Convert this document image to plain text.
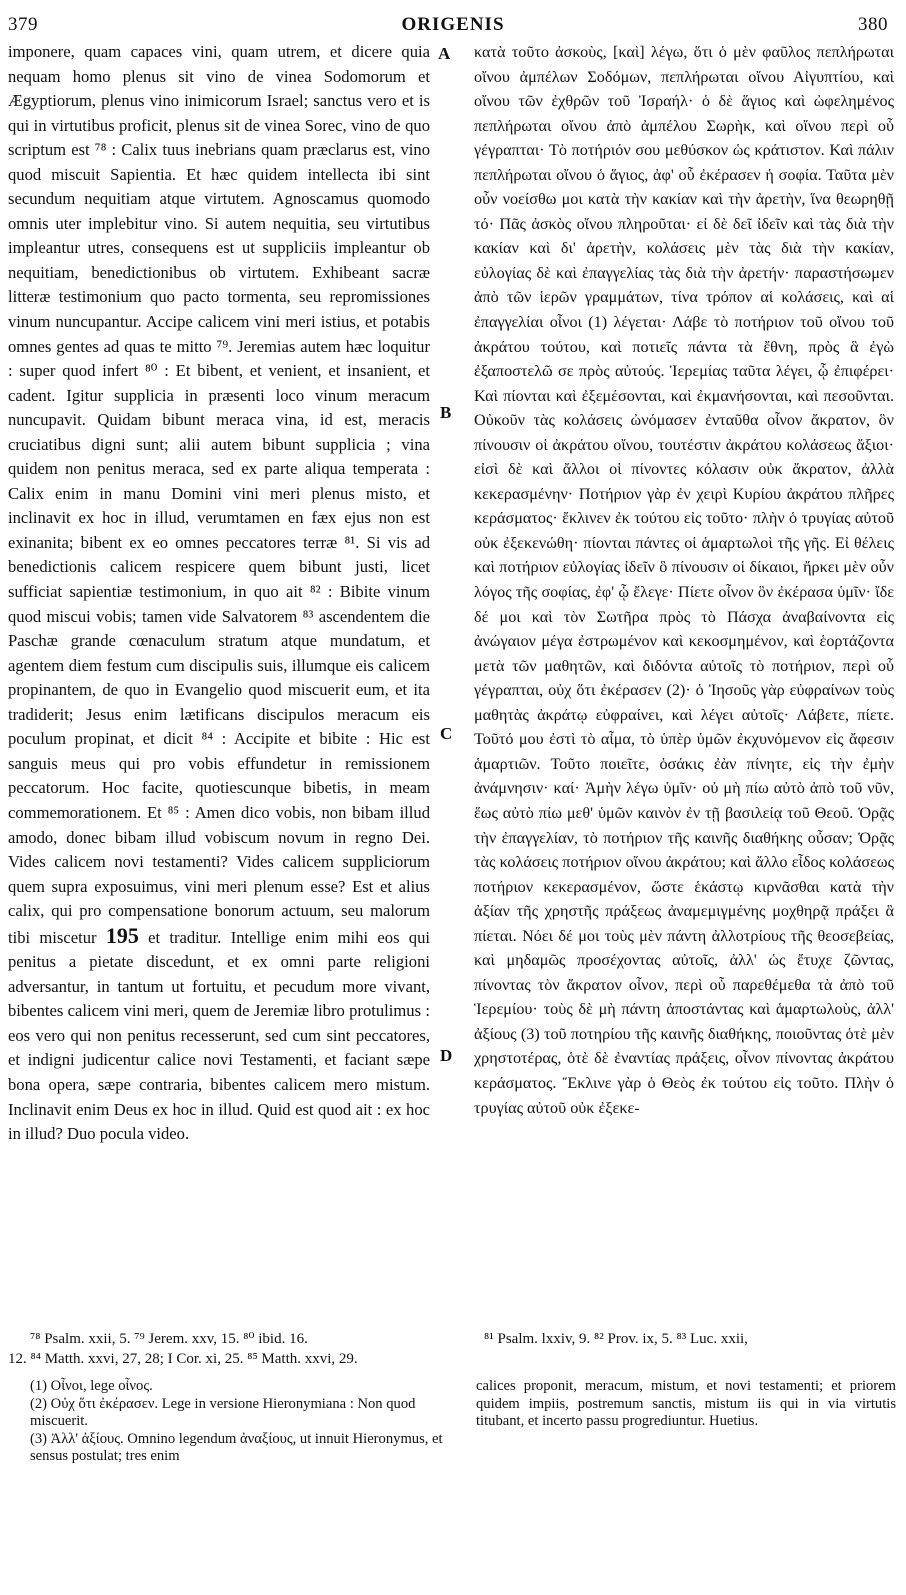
379	ORIGENIS	380

imponere, quam capaces vini, quam utrem, et dicere quia nequam homo plenus sit vino de vinea Sodomorum et Ægyptiorum, plenus vino inimicorum Israel; sanctus vero et is qui in virtutibus proficit, plenus sit de vinea Sorec, vino de quo scriptum est ⁷⁸ : Calix tuus inebrians quam præclarus est, vino quod miscuit Sapientia. Et hæc quidem intellecta ibi sint secundum nequitiam atque virtutem. Agnoscamus quomodo omnis uter implebitur vino. Si autem nequitia, seu virtutibus impleantur utres, consequens est ut suppliciis impleantur ob nequitiam, benedictionibus ob virtutem. Exhibeant sacræ litteræ testimonium quo pacto tormenta, seu repromissiones vinum nuncupantur. Accipe calicem vini meri istius, et potabis omnes gentes ad quas te mitto ⁷⁹. Jeremias autem hæc loquitur : super quod infert ⁸⁰ : Et bibent, et venient, et insanient, et cadent. Igitur supplicia in præsenti loco vinum meracum nuncupavit. Quidam bibunt meraca vina, id est, meracis cruciatibus digni sunt; alii autem bibunt supplicia ; vina quidem non penitus meraca, sed ex parte aliqua temperata : Calix enim in manu Domini vini meri plenus misto, et inclinavit ex hoc in illud, verumtamen en fæx ejus non est exinanita; bibent ex eo omnes peccatores terræ ⁸¹. Si vis ad benedictionis calicem respicere quem bibunt justi, licet sufficiat sapientiæ testimonium, in quo ait ⁸² : Bibite vinum quod miscui vobis; tamen vide Salvatorem ⁸³ ascendentem die Paschæ grande cœnaculum stratum atque mundatum, et agentem diem festum cum discipulis suis, illumque eis calicem propinantem, de quo in Evangelio quod miscuerit eum, et ita tradiderit; Jesus enim lætificans discipulos meracum eis poculum propinat, et dicit ⁸⁴ : Accipite et bibite : Hic est sanguis meus qui pro vobis effundetur in remissionem peccatorum. Hoc facite, quotiescunque bibetis, in meam commemorationem. Et ⁸⁵ : Amen dico vobis, non bibam illud amodo, donec bibam illud vobiscum novum in regno Dei. Vides calicem novi testamenti? Vides calicem suppliciorum quem supra exposuimus, vini meri plenum esse? Est et alius calix, qui pro compensatione bonorum actuum, seu malorum tibi miscetur 195 et traditur. Intellige enim mihi eos qui penitus a pietate discedunt, et ex omni parte religioni adversantur, in tantum ut fortuitu, et pecudum more vivant, bibentes calicem vini meri, quem de Jeremiæ libro protulimus : eos vero qui non penitus recesserunt, sed cum sint peccatores, et indigni judicentur calice novi Testamenti, et faciant sæpe bona opera, sæpe contraria, bibentes calicem mero mistum. Inclinavit enim Deus ex hoc in illud. Quid est quod ait : ex hoc in illud? Duo pocula video.

A
B
C
D

κατὰ τοῦτο ἀσκοὺς, [καὶ] λέγω, ὅτι ὁ μὲν φαῦλος πεπλήρωται οἴνου ἀμπέλων Σοδόμων, πεπλήρωται οἴνου Αἰγυπτίου, καὶ οἴνου τῶν ἐχθρῶν τοῦ Ἰσραήλ· ὁ δὲ ἅγιος καὶ ὠφελημένος πεπλήρωται οἴνου ἀπὸ ἀμπέλου Σωρὴκ, καὶ οἴνου περὶ οὗ γέγραπται· Τὸ ποτήριόν σου μεθύσκον ὡς κράτιστον. Καὶ πάλιν πεπλήρωται οἴνου ὁ ἅγιος, ἀφ' οὗ ἐκέρασεν ἡ σοφία. Ταῦτα μὲν οὖν νοείσθω μοι κατὰ τὴν κακίαν καὶ τὴν ἀρετὴν, ἵνα θεωρηθῇ τό· Πᾶς ἀσκὸς οἴνου πληροῦται· εἰ δὲ δεῖ ἰδεῖν καὶ τὰς διὰ τὴν κακίαν καὶ δι' ἀρετὴν, κολάσεις μὲν τὰς διὰ τὴν κακίαν, εὐλογίας δὲ καὶ ἐπαγγελίας τὰς διὰ τὴν ἀρετήν· παραστήσωμεν ἀπὸ τῶν ἱερῶν γραμμάτων, τίνα τρόπον αἱ κολάσεις, καὶ αἱ ἐπαγγελίαι οἶνοι (1) λέγεται· Λάβε τὸ ποτήριον τοῦ οἴνου τοῦ ἀκράτου τούτου, καὶ ποτιεῖς πάντα τὰ ἔθνη, πρὸς ἃ ἐγὼ ἐξαποστελῶ σε πρὸς αὐτούς. Ἱερεμίας ταῦτα λέγει, ᾧ ἐπιφέρει· Καὶ πίονται καὶ ἐξεμέσονται, καὶ ἐκμανήσονται, καὶ πεσοῦνται. Οὐκοῦν τὰς κολάσεις ὠνόμασεν ἐνταῦθα οἶνον ἄκρατον, ὃν πίνουσιν οἱ ἀκράτου οἴνου, τουτέστιν ἀκράτου κολάσεως ἄξιοι· εἰσὶ δὲ καὶ ἄλλοι οἱ πίνοντες κόλασιν οὐκ ἄκρατον, ἀλλὰ κεκερασμένην· Ποτήριον γὰρ ἐν χειρὶ Κυρίου ἀκράτου πλῆρες κεράσματος· ἔκλινεν ἐκ τούτου εἰς τοῦτο· πλὴν ὁ τρυγίας αὐτοῦ οὐκ ἐξεκενώθη· πίονται πάντες οἱ ἁμαρτωλοὶ τῆς γῆς. Εἰ θέλεις καὶ ποτήριον εὐλογίας ἰδεῖν ὃ πίνουσιν οἱ δίκαιοι, ἤρκει μὲν οὖν λόγος τῆς σοφίας, ἐφ' ᾧ ἔλεγε· Πίετε οἶνον ὃν ἐκέρασα ὑμῖν· ἴδε δέ μοι καὶ τὸν Σωτῆρα πρὸς τὸ Πάσχα ἀναβαίνοντα εἰς ἀνώγαιον μέγα ἐστρωμένον καὶ κεκοσμημένον, καὶ ἑορτάζοντα μετὰ τῶν μαθητῶν, καὶ διδόντα αὐτοῖς τὸ ποτήριον, περὶ οὗ γέγραπται, οὐχ ὅτι ἐκέρασεν (2)· ὁ Ἰησοῦς γὰρ εὐφραίνων τοὺς μαθητὰς ἀκράτῳ εὐφραίνει, καὶ λέγει αὐτοῖς· Λάβετε, πίετε. Τοῦτό μου ἐστὶ τὸ αἷμα, τὸ ὑπὲρ ὑμῶν ἐκχυνόμενον εἰς ἄφεσιν ἁμαρτιῶν. Τοῦτο ποιεῖτε, ὁσάκις ἐὰν πίνητε, εἰς τὴν ἐμὴν ἀνάμνησιν· καί· Ἀμὴν λέγω ὑμῖν· οὐ μὴ πίω αὐτὸ ἀπὸ τοῦ νῦν, ἕως αὐτὸ πίω μεθ' ὑμῶν καινὸν ἐν τῇ βασιλείᾳ τοῦ Θεοῦ. Ὁρᾷς τὴν ἐπαγγελίαν, τὸ ποτήριον τῆς καινῆς διαθήκης οὖσαν; Ὁρᾷς τὰς κολάσεις ποτήριον οἴνου ἀκράτου; καὶ ἄλλο εἶδος κολάσεως ποτήριον κεκερασμένον, ὥστε ἑκάστῳ κιρνᾶσθαι κατὰ τὴν ἀξίαν τῆς χρηστῆς πράξεως ἀναμεμιγμένης μοχθηρᾷ πράξει ἃ πίεται. Νόει δέ μοι τοὺς μὲν πάντη ἀλλοτρίους τῆς θεοσεβείας, καὶ μηδαμῶς προσέχοντας αὐτοῖς, ἀλλ' ὡς ἔτυχε ζῶντας, πίνοντας τὸν ἄκρατον οἶνον, περὶ οὗ παρεθέμεθα τὰ ἀπὸ τοῦ Ἱερεμίου· τοὺς δὲ μὴ πάντη ἀποστάντας καὶ ἁμαρτωλοὺς, ἀλλ' ἀξίους (3) τοῦ ποτηρίου τῆς καινῆς διαθήκης, ποιοῦντας ὁτὲ μὲν χρηστοτέρας, ὁτὲ δὲ ἐναντίας πράξεις, οἶνον πίνοντας ἀκράτου κεράσματος. Ἔκλινε γὰρ ὁ Θεὸς ἐκ τούτου εἰς τοῦτο. Πλὴν ὁ τρυγίας αὐτοῦ οὐκ ἐξεκε-

⁷⁸ Psalm. xxii, 5. ⁷⁹ Jerem. xxv, 15. ⁸⁰ ibid. 16.	⁸¹ Psalm. lxxiv, 9. ⁸² Prov. ix, 5. ⁸³ Luc. xxii,
12. ⁸⁴ Matth. xxvi, 27, 28; I Cor. xi, 25. ⁸⁵ Matth. xxvi, 29.

(1) Οἶνοι, lege οἶνος.

(2) Οὐχ ὅτι ἐκέρασεν. Lege in versione Hieronymiana : Non quod miscuerit.

(3) Ἀλλ' ἀξίους. Omnino legendum ἀναξίους, ut innuit Hieronymus, et sensus postulat; tres enim

calices proponit, meracum, mistum, et novi testamenti; et priorem quidem impiis, postremum sanctis, mistum iis qui in via virtutis titubant, et incerto passu progrediuntur. Huetius.
